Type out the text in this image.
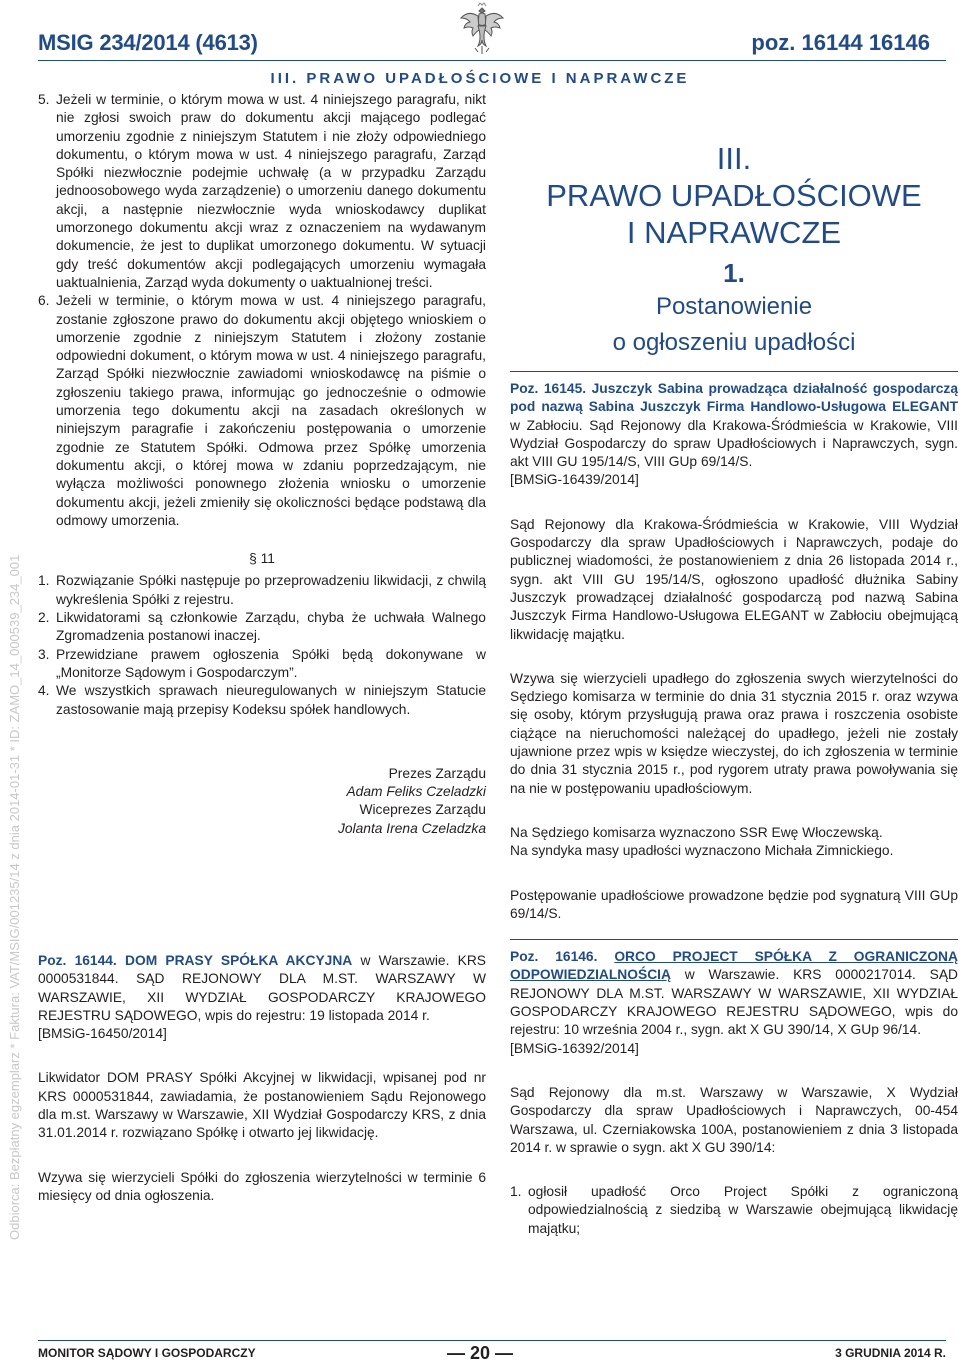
MSIG 234/2014 (4613)	poz. 16144 16146
III. PRAWO UPADŁOŚCIOWE I NAPRAWCZE
Odbiorca: Bezpłatny egzemplarz * Faktura: VAT/MSIG/001235/14 z dnia 2014-01-31 * ID: ZAMO_14_000539_234_001
5. Jeżeli w terminie, o którym mowa w ust. 4 niniejszego paragrafu, nikt nie zgłosi swoich praw do dokumentu akcji mającego podlegać umorzeniu zgodnie z niniejszym Statutem i nie złoży odpowiedniego dokumentu, o którym mowa w ust. 4 niniejszego paragrafu, Zarząd Spółki niezwłocznie podejmie uchwałę (a w przypadku Zarządu jednoosobowego wyda zarządzenie) o umorzeniu danego dokumentu akcji, a następnie niezwłocznie wyda wnioskodawcy duplikat umorzonego dokumentu akcji wraz z oznaczeniem na wydawanym dokumencie, że jest to duplikat umorzonego dokumentu. W sytuacji gdy treść dokumentów akcji podlegających umorzeniu wymagała uaktualnienia, Zarząd wyda dokumenty o uaktualnionej treści.
6. Jeżeli w terminie, o którym mowa w ust. 4 niniejszego paragrafu, zostanie zgłoszone prawo do dokumentu akcji objętego wnioskiem o umorzenie zgodnie z niniejszym Statutem i złożony zostanie odpowiedni dokument, o którym mowa w ust. 4 niniejszego paragrafu, Zarząd Spółki niezwłocznie zawiadomi wnioskodawcę na piśmie o zgłoszeniu takiego prawa, informując go jednocześnie o odmowie umorzenia tego dokumentu akcji na zasadach określonych w niniejszym paragrafie i zakończeniu postępowania o umorzenie zgodnie ze Statutem Spółki. Odmowa przez Spółkę umorzenia dokumentu akcji, o której mowa w zdaniu poprzedzającym, nie wyłącza możliwości ponownego złożenia wniosku o umorzenie dokumentu akcji, jeżeli zmieniły się okoliczności będące podstawą dla odmowy umorzenia.
§ 11
1. Rozwiązanie Spółki następuje po przeprowadzeniu likwidacji, z chwilą wykreślenia Spółki z rejestru.
2. Likwidatorami są członkowie Zarządu, chyba że uchwała Walnego Zgromadzenia postanowi inaczej.
3. Przewidziane prawem ogłoszenia Spółki będą dokonywane w „Monitorze Sądowym i Gospodarczym”.
4. We wszystkich sprawach nieuregulowanych w niniejszym Statucie zastosowanie mają przepisy Kodeksu spółek handlowych.
Prezes Zarządu
Adam Feliks Czeladzki
Wiceprezes Zarządu
Jolanta Irena Czeladzka

Poz. 16144. DOM PRASY SPÓŁKA AKCYJNA w Warszawie. KRS 0000531844. SĄD REJONOWY DLA M.ST. WARSZAWY W WARSZAWIE, XII WYDZIAŁ GOSPODARCZY KRAJOWEGO REJESTRU SĄDOWEGO, wpis do rejestru: 19 listopada 2014 r.

[BMSiG-16450/2014]

Likwidator DOM PRASY Spółki Akcyjnej w likwidacji, wpisanej pod nr KRS 0000531844, zawiadamia, że postanowieniem Sądu Rejonowego dla m.st. Warszawy w Warszawie, XII Wydział Gospodarczy KRS, z dnia 31.01.2014 r. rozwiązano Spółkę i otwarto jej likwidację.

Wzywa się wierzycieli Spółki do zgłoszenia wierzytelności w terminie 6 miesięcy od dnia ogłoszenia.

III.
PRAWO UPADŁOŚCIOWE
I NAPRAWCZE
1.
Postanowienie
o ogłoszeniu upadłości

Poz. 16145. Juszczyk Sabina prowadząca działalność gospodarczą pod nazwą Sabina Juszczyk Firma Handlowo-Usługowa ELEGANT w Zabłociu. Sąd Rejonowy dla Krakowa-Śródmieścia w Krakowie, VIII Wydział Gospodarczy do spraw Upadłościowych i Naprawczych, sygn. akt VIII GU 195/14/S, VIII GUp 69/14/S.

[BMSiG-16439/2014]

Sąd Rejonowy dla Krakowa-Śródmieścia w Krakowie, VIII Wydział Gospodarczy dla spraw Upadłościowych i Naprawczych, podaje do publicznej wiadomości, że postanowieniem z dnia 26 listopada 2014 r., sygn. akt VIII GU 195/14/S, ogłoszono upadłość dłużnika Sabiny Juszczyk prowadzącej działalność gospodarczą pod nazwą Sabina Juszczyk Firma Handlowo-Usługowa ELEGANT w Zabłociu obejmującą likwidację majątku.

Wzywa się wierzycieli upadłego do zgłoszenia swych wierzytelności do Sędziego komisarza w terminie do dnia 31 stycznia 2015 r. oraz wzywa się osoby, którym przysługują prawa oraz prawa i roszczenia osobiste ciążące na nieruchomości należącej do upadłego, jeżeli nie zostały ujawnione przez wpis w księdze wieczystej, do ich zgłoszenia w terminie do dnia 31 stycznia 2015 r., pod rygorem utraty prawa powoływania się na nie w postępowaniu upadłościowym.

Na Sędziego komisarza wyznaczono SSR Ewę Włoczewską.

Na syndyka masy upadłości wyznaczono Michała Zimnickiego.

Postępowanie upadłościowe prowadzone będzie pod sygnaturą VIII GUp 69/14/S.

Poz. 16146. ORCO PROJECT SPÓŁKA Z OGRANICZONĄ ODPOWIEDZIALNOŚCIĄ w Warszawie. KRS 0000217014. SĄD REJONOWY DLA M.ST. WARSZAWY W WARSZAWIE, XII WYDZIAŁ GOSPODARCZY KRAJOWEGO REJESTRU SĄDOWEGO, wpis do rejestru: 10 września 2004 r., sygn. akt X GU 390/14, X GUp 96/14.

[BMSiG-16392/2014]

Sąd Rejonowy dla m.st. Warszawy w Warszawie, X Wydział Gospodarczy dla spraw Upadłościowych i Naprawczych, 00-454 Warszawa, ul. Czerniakowska 100A, postanowieniem z dnia 3 listopada 2014 r. w sprawie o sygn. akt X GU 390/14:

1. ogłosił upadłość Orco Project Spółki z ograniczoną odpowiedzialnością z siedzibą w Warszawie obejmującą likwidację majątku;
MONITOR SĄDOWY I GOSPODARCZY	— 20 —	3 GRUDNIA 2014 R.
